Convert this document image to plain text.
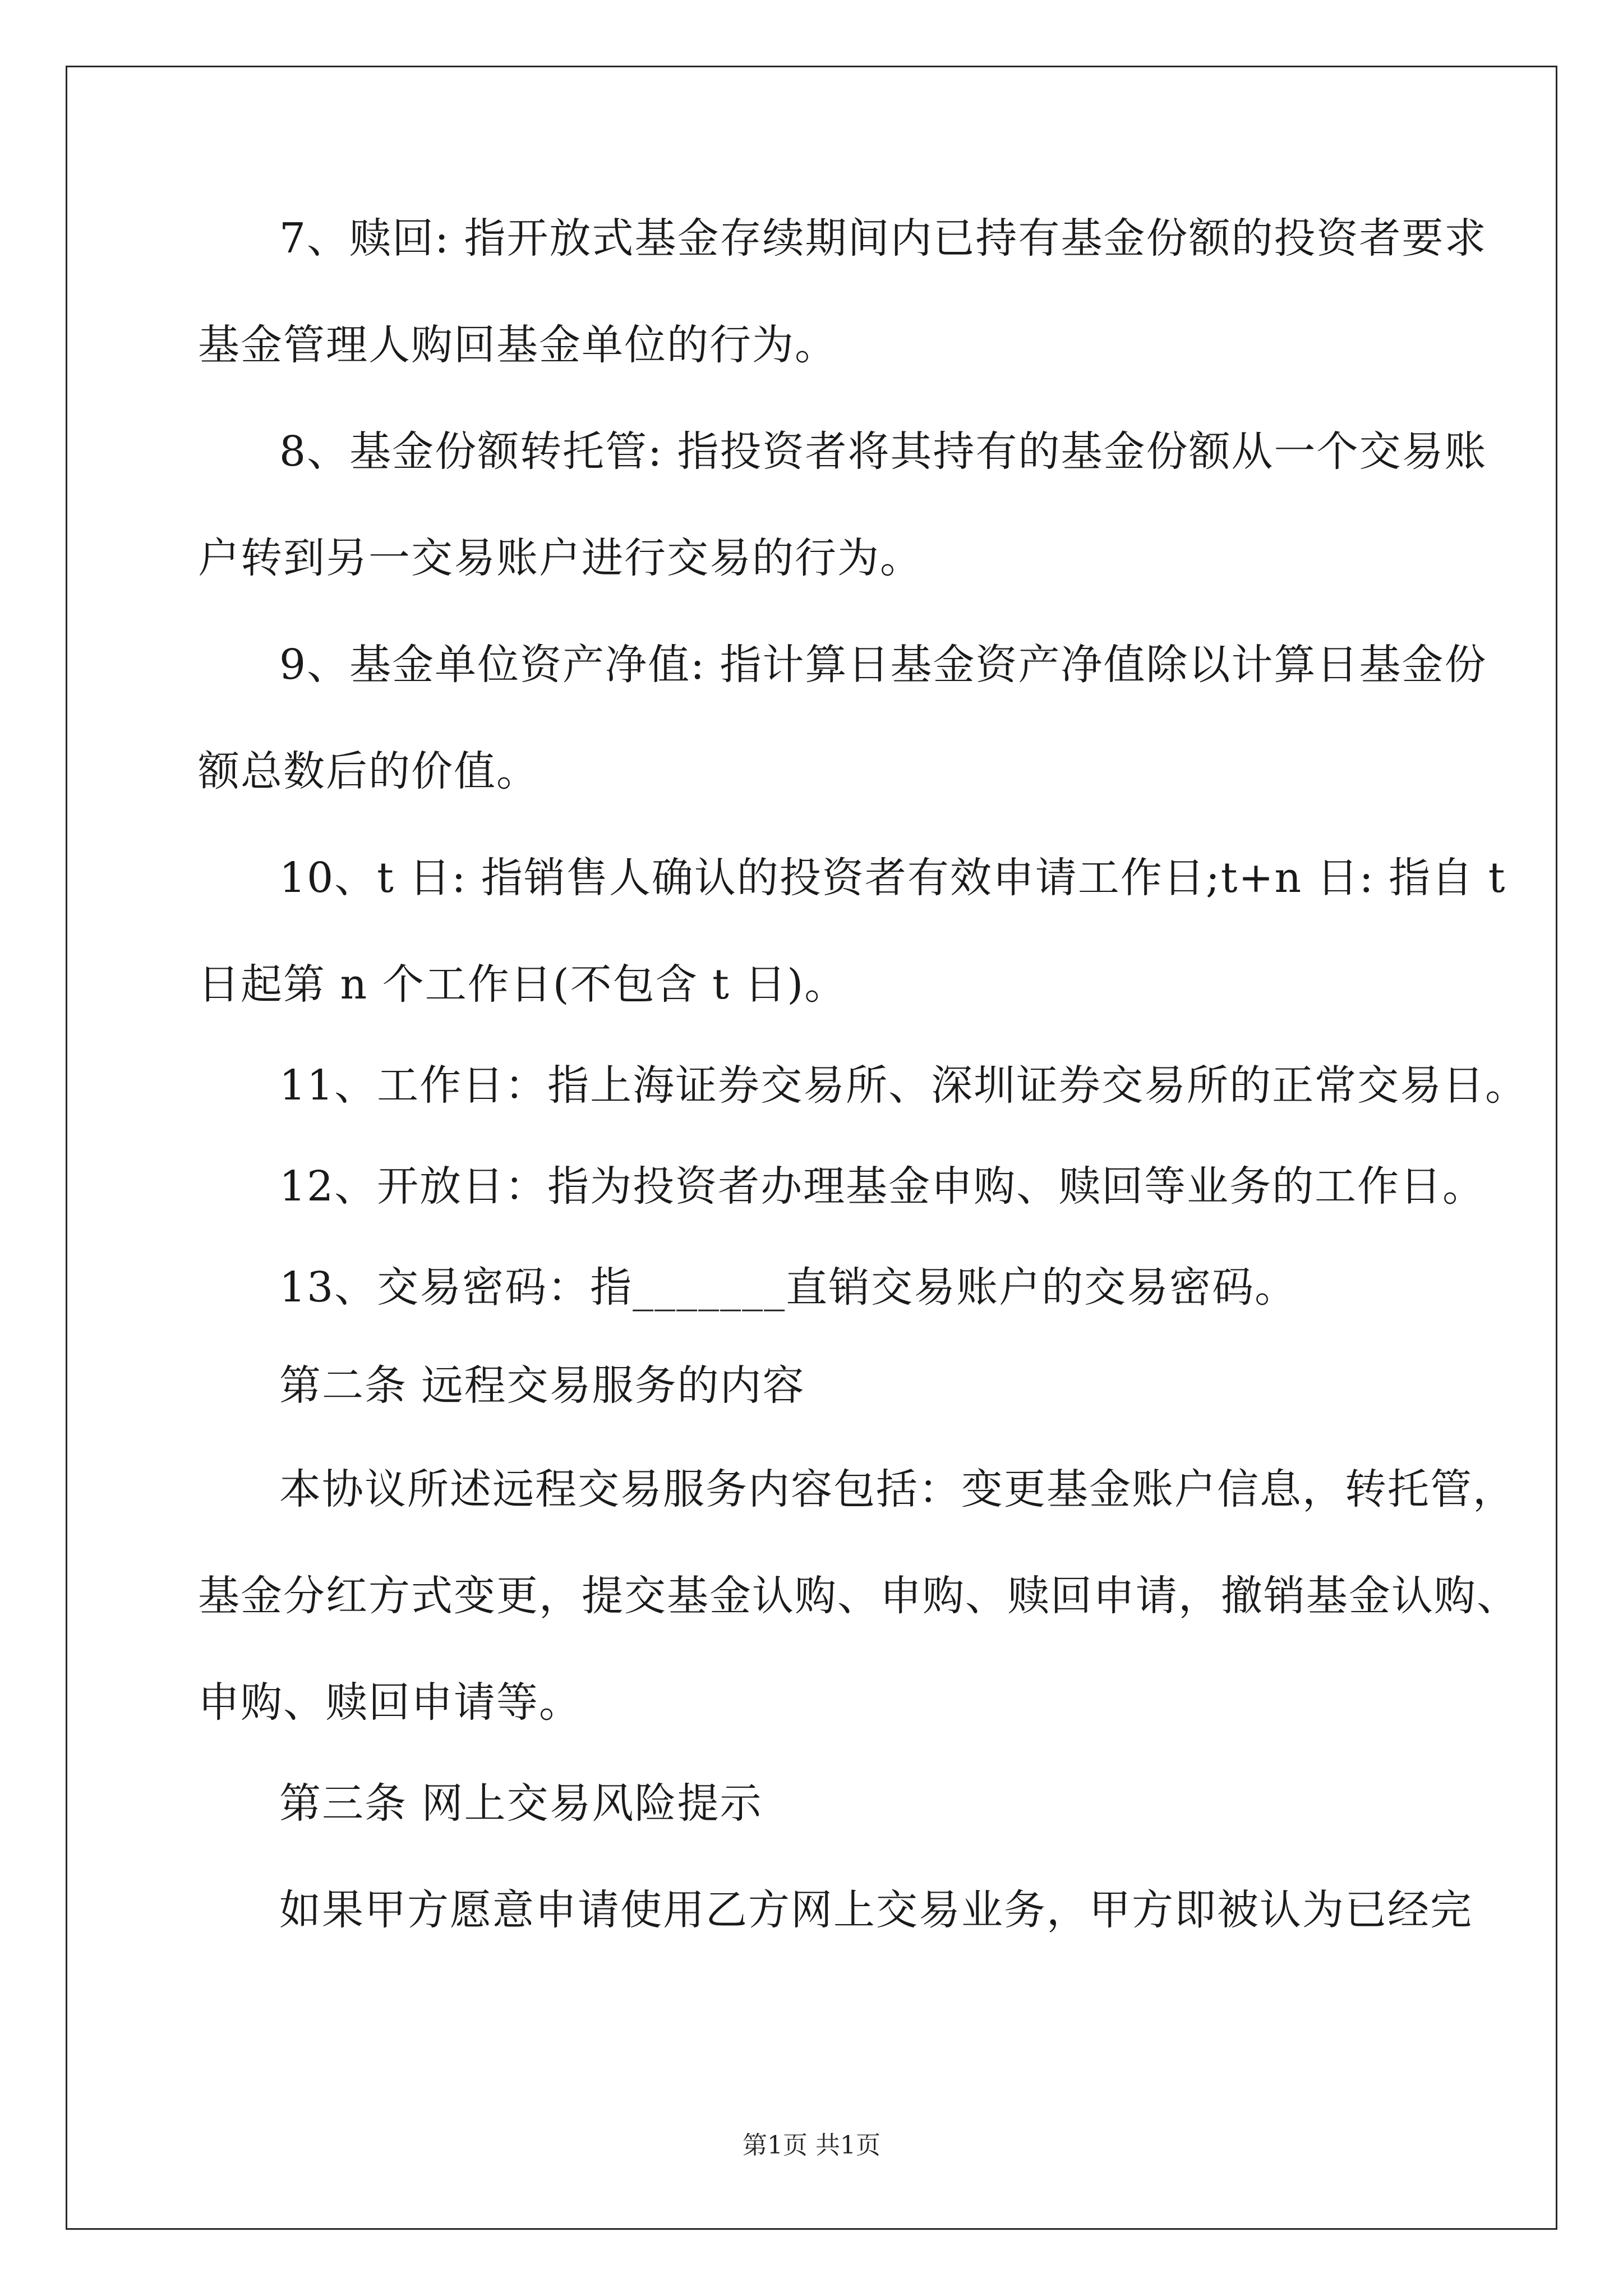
7、赎回: 指开放式基金存续期间内已持有基金份额的投资者要求
基金管理人购回基金单位的行为。
8、基金份额转托管: 指投资者将其持有的基金份额从一个交易账
户转到另一交易账户进行交易的行为。
9、基金单位资产净值: 指计算日基金资产净值除以计算日基金份
额总数后的价值。
10、t 日: 指销售人确认的投资者有效申请工作日;t+n 日: 指自 t
日起第 n 个工作日(不包含 t 日)。
11、工作日：指上海证券交易所、深圳证券交易所的正常交易日。
12、开放日：指为投资者办理基金申购、赎回等业务的工作日。
13、交易密码：指_______直销交易账户的交易密码。
第二条 远程交易服务的内容
本协议所述远程交易服务内容包括：变更基金账户信息，转托管，
基金分红方式变更，提交基金认购、申购、赎回申请，撤销基金认购、
申购、赎回申请等。
第三条 网上交易风险提示
如果甲方愿意申请使用乙方网上交易业务，甲方即被认为已经完
第1页 共1页
